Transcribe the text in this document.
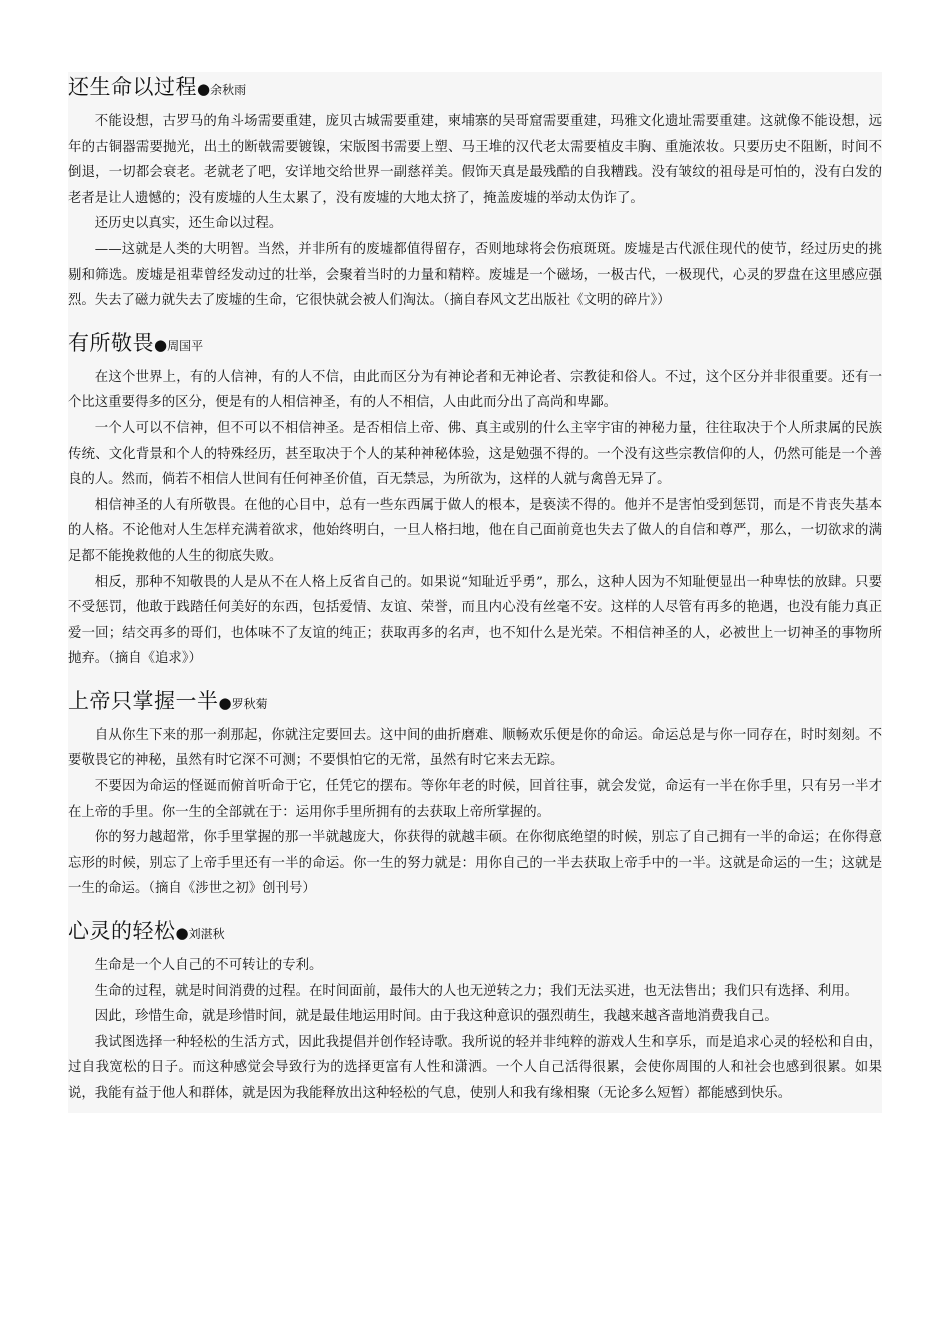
还生命以过程●余秋雨

不能设想，古罗马的角斗场需要重建，庞贝古城需要重建，柬埔寨的吴哥窟需要重建，玛雅文化遗址需要重建。这就像不能设想，远年的古铜器需要抛光，出土的断戟需要镀镍，宋版图书需要上塑、马王堆的汉代老太需要植皮丰胸、重施浓妆。只要历史不阻断，时间不倒退，一切都会衰老。老就老了吧，安详地交给世界一副慈祥美。假饰天真是最残酷的自我糟践。没有皱纹的祖母是可怕的，没有白发的老者是让人遗憾的；没有废墟的人生太累了，没有废墟的大地太挤了，掩盖废墟的举动太伪诈了。

还历史以真实，还生命以过程。

——这就是人类的大明智。当然，并非所有的废墟都值得留存，否则地球将会伤痕斑斑。废墟是古代派住现代的使节，经过历史的挑剔和筛选。废墟是祖辈曾经发动过的壮举，会聚着当时的力量和精粹。废墟是一个磁场，一极古代，一极现代，心灵的罗盘在这里感应强烈。失去了磁力就失去了废墟的生命，它很快就会被人们淘汰。（摘自春风文艺出版社《文明的碎片》）

有所敬畏●周国平

在这个世界上，有的人信神，有的人不信，由此而区分为有神论者和无神论者、宗教徒和俗人。不过，这个区分并非很重要。还有一个比这重要得多的区分，便是有的人相信神圣，有的人不相信，人由此而分出了高尚和卑鄙。

一个人可以不信神，但不可以不相信神圣。是否相信上帝、佛、真主或别的什么主宰宇宙的神秘力量，往往取决于个人所隶属的民族传统、文化背景和个人的特殊经历，甚至取决于个人的某种神秘体验，这是勉强不得的。一个没有这些宗教信仰的人，仍然可能是一个善良的人。然而，倘若不相信人世间有任何神圣价值，百无禁忌，为所欲为，这样的人就与禽兽无异了。

相信神圣的人有所敬畏。在他的心目中，总有一些东西属于做人的根本，是亵渎不得的。他并不是害怕受到惩罚，而是不肯丧失基本的人格。不论他对人生怎样充满着欲求，他始终明白，一旦人格扫地，他在自己面前竟也失去了做人的自信和尊严，那么，一切欲求的满足都不能挽救他的人生的彻底失败。

相反，那种不知敬畏的人是从不在人格上反省自己的。如果说“知耻近乎勇”，那么，这种人因为不知耻便显出一种卑怯的放肆。只要不受惩罚，他敢于践踏任何美好的东西，包括爱情、友谊、荣誉，而且内心没有丝毫不安。这样的人尽管有再多的艳遇，也没有能力真正爱一回；结交再多的哥们，也体味不了友谊的纯正；获取再多的名声，也不知什么是光荣。不相信神圣的人，必被世上一切神圣的事物所抛弃。（摘自《追求》）

上帝只掌握一半●罗秋菊

自从你生下来的那一刹那起，你就注定要回去。这中间的曲折磨难、顺畅欢乐便是你的命运。命运总是与你一同存在，时时刻刻。不要敬畏它的神秘，虽然有时它深不可测；不要惧怕它的无常，虽然有时它来去无踪。

不要因为命运的怪诞而俯首听命于它，任凭它的摆布。等你年老的时候，回首往事，就会发觉，命运有一半在你手里，只有另一半才在上帝的手里。你一生的全部就在于：运用你手里所拥有的去获取上帝所掌握的。

你的努力越超常，你手里掌握的那一半就越庞大，你获得的就越丰硕。在你彻底绝望的时候，别忘了自己拥有一半的命运；在你得意忘形的时候，别忘了上帝手里还有一半的命运。你一生的努力就是：用你自己的一半去获取上帝手中的一半。这就是命运的一生；这就是一生的命运。（摘自《涉世之初》创刊号）

心灵的轻松●刘湛秋

生命是一个人自己的不可转让的专利。

生命的过程，就是时间消费的过程。在时间面前，最伟大的人也无逆转之力；我们无法买进，也无法售出；我们只有选择、利用。

因此，珍惜生命，就是珍惜时间，就是最佳地运用时间。由于我这种意识的强烈萌生，我越来越吝啬地消费我自己。

我试图选择一种轻松的生活方式，因此我提倡并创作轻诗歌。我所说的轻并非纯粹的游戏人生和享乐，而是追求心灵的轻松和自由，过自我宽松的日子。而这种感觉会导致行为的选择更富有人性和潇洒。一个人自己活得很累，会使你周围的人和社会也感到很累。如果说，我能有益于他人和群体，就是因为我能释放出这种轻松的气息，使别人和我有缘相聚（无论多么短暂）都能感到快乐。
